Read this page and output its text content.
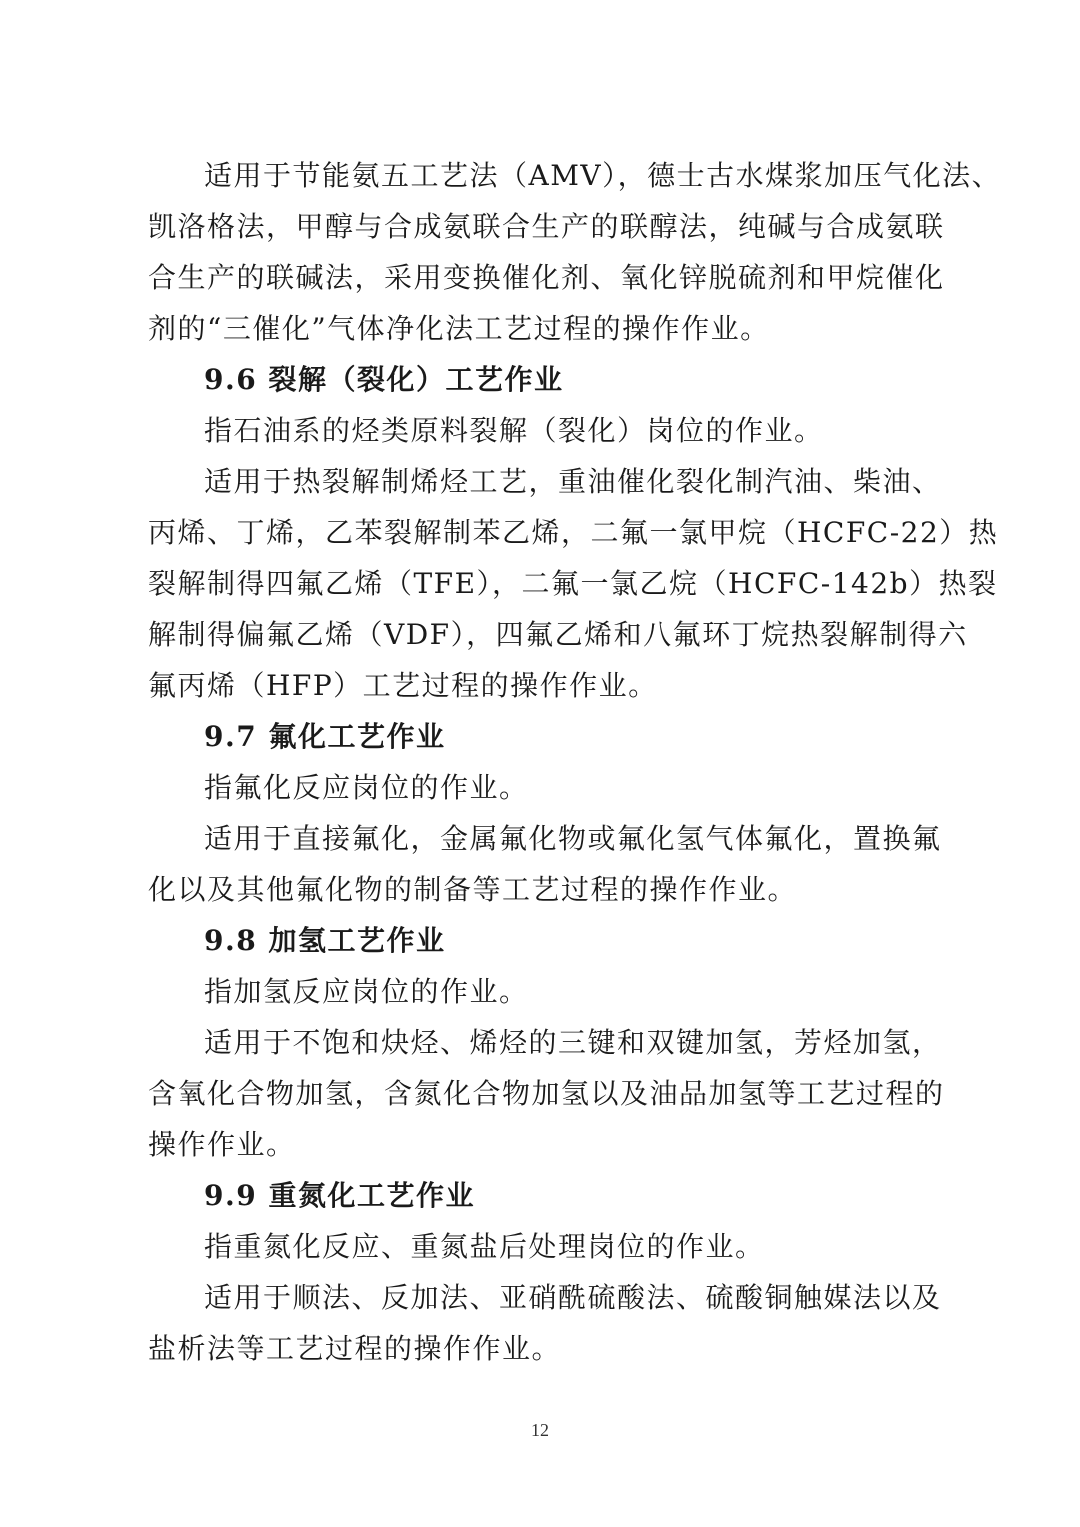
适用于节能氨五工艺法（AMV），德士古水煤浆加压气化法、
凯洛格法，甲醇与合成氨联合生产的联醇法，纯碱与合成氨联
合生产的联碱法，采用变换催化剂、氧化锌脱硫剂和甲烷催化
剂的“三催化”气体净化法工艺过程的操作作业。
9.6 裂解（裂化）工艺作业
指石油系的烃类原料裂解（裂化）岗位的作业。
适用于热裂解制烯烃工艺，重油催化裂化制汽油、柴油、
丙烯、丁烯，乙苯裂解制苯乙烯，二氟一氯甲烷（HCFC-22）热
裂解制得四氟乙烯（TFE），二氟一氯乙烷（HCFC-142b）热裂
解制得偏氟乙烯（VDF），四氟乙烯和八氟环丁烷热裂解制得六
氟丙烯（HFP）工艺过程的操作作业。
9.7 氟化工艺作业
指氟化反应岗位的作业。
适用于直接氟化，金属氟化物或氟化氢气体氟化，置换氟
化以及其他氟化物的制备等工艺过程的操作作业。
9.8 加氢工艺作业
指加氢反应岗位的作业。
适用于不饱和炔烃、烯烃的三键和双键加氢，芳烃加氢，
含氧化合物加氢，含氮化合物加氢以及油品加氢等工艺过程的
操作作业。
9.9 重氮化工艺作业
指重氮化反应、重氮盐后处理岗位的作业。
适用于顺法、反加法、亚硝酰硫酸法、硫酸铜触媒法以及
盐析法等工艺过程的操作作业。
12
